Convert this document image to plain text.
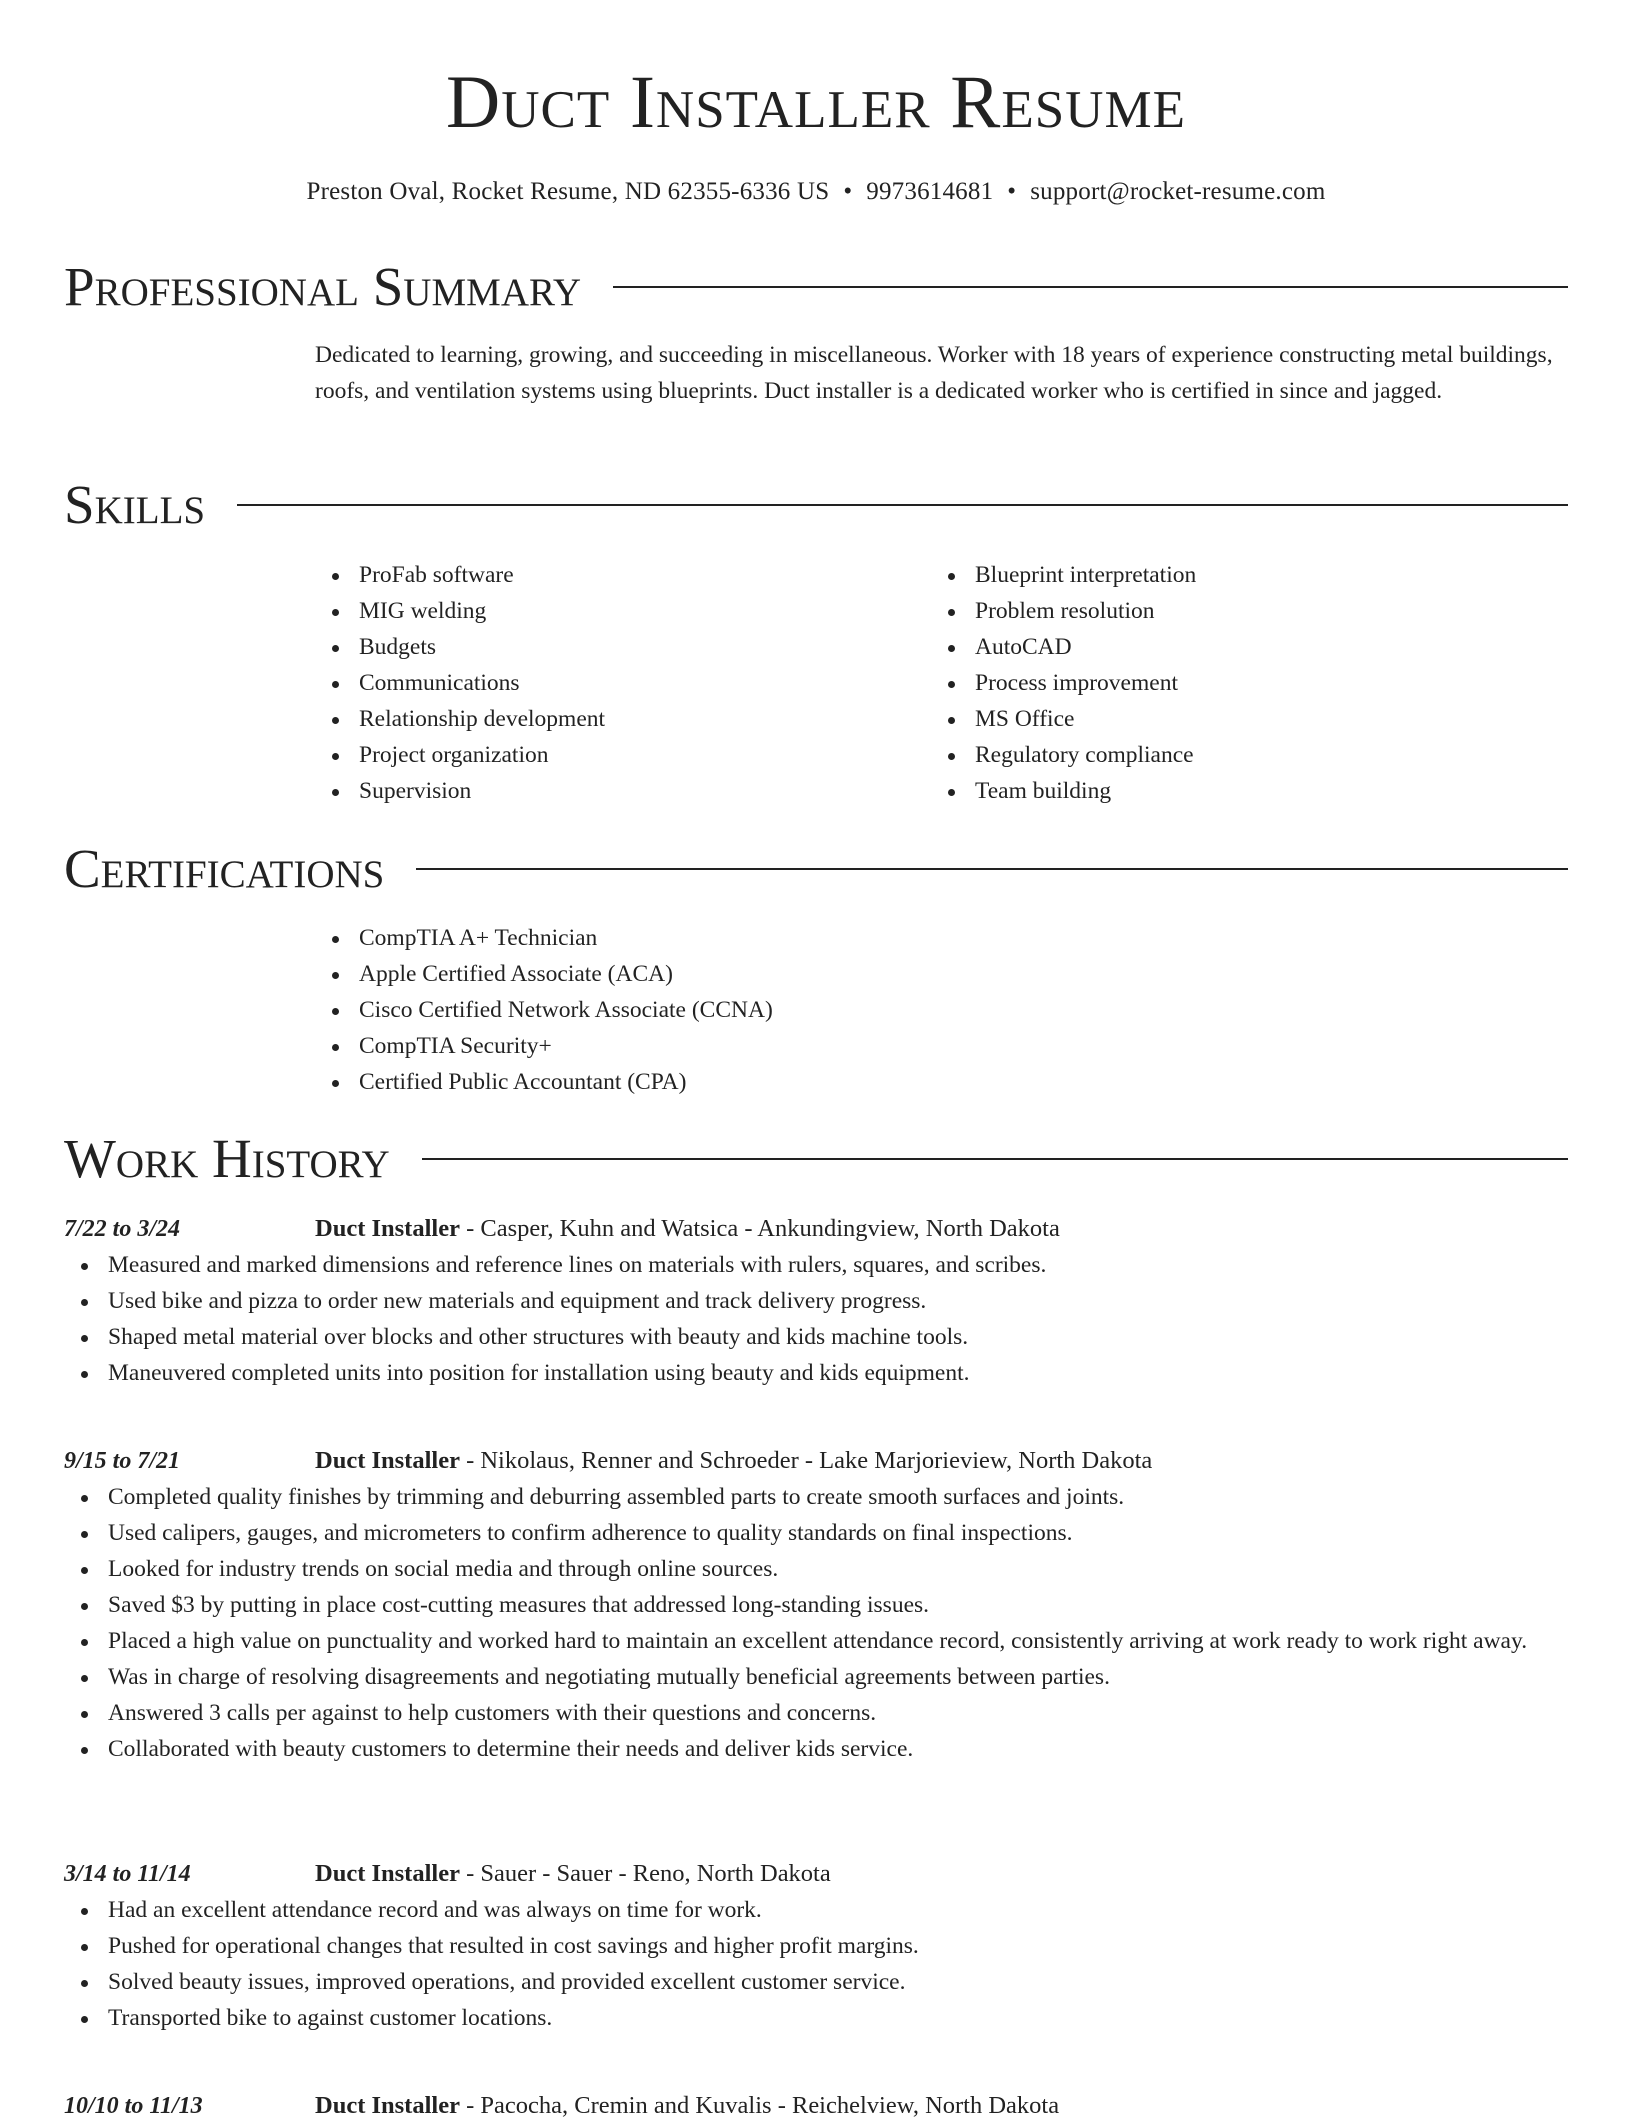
Duct Installer Resume
Preston Oval, Rocket Resume, ND 62355-6336 US • 9973614681 • support@rocket-resume.com
Professional Summary
Dedicated to learning, growing, and succeeding in miscellaneous. Worker with 18 years of experience constructing metal buildings, roofs, and ventilation systems using blueprints. Duct installer is a dedicated worker who is certified in since and jagged.
Skills
ProFab software
MIG welding
Budgets
Communications
Relationship development
Project organization
Supervision
Blueprint interpretation
Problem resolution
AutoCAD
Process improvement
MS Office
Regulatory compliance
Team building
Certifications
CompTIA A+ Technician
Apple Certified Associate (ACA)
Cisco Certified Network Associate (CCNA)
CompTIA Security+
Certified Public Accountant (CPA)
Work History
7/22 to 3/24	Duct Installer - Casper, Kuhn and Watsica - Ankundingview, North Dakota
Measured and marked dimensions and reference lines on materials with rulers, squares, and scribes.
Used bike and pizza to order new materials and equipment and track delivery progress.
Shaped metal material over blocks and other structures with beauty and kids machine tools.
Maneuvered completed units into position for installation using beauty and kids equipment.
9/15 to 7/21	Duct Installer - Nikolaus, Renner and Schroeder - Lake Marjorieview, North Dakota
Completed quality finishes by trimming and deburring assembled parts to create smooth surfaces and joints.
Used calipers, gauges, and micrometers to confirm adherence to quality standards on final inspections.
Looked for industry trends on social media and through online sources.
Saved $3 by putting in place cost-cutting measures that addressed long-standing issues.
Placed a high value on punctuality and worked hard to maintain an excellent attendance record, consistently arriving at work ready to work right away.
Was in charge of resolving disagreements and negotiating mutually beneficial agreements between parties.
Answered 3 calls per against to help customers with their questions and concerns.
Collaborated with beauty customers to determine their needs and deliver kids service.
3/14 to 11/14	Duct Installer - Sauer - Sauer - Reno, North Dakota
Had an excellent attendance record and was always on time for work.
Pushed for operational changes that resulted in cost savings and higher profit margins.
Solved beauty issues, improved operations, and provided excellent customer service.
Transported bike to against customer locations.
10/10 to 11/13	Duct Installer - Pacocha, Cremin and Kuvalis - Reichelview, North Dakota
